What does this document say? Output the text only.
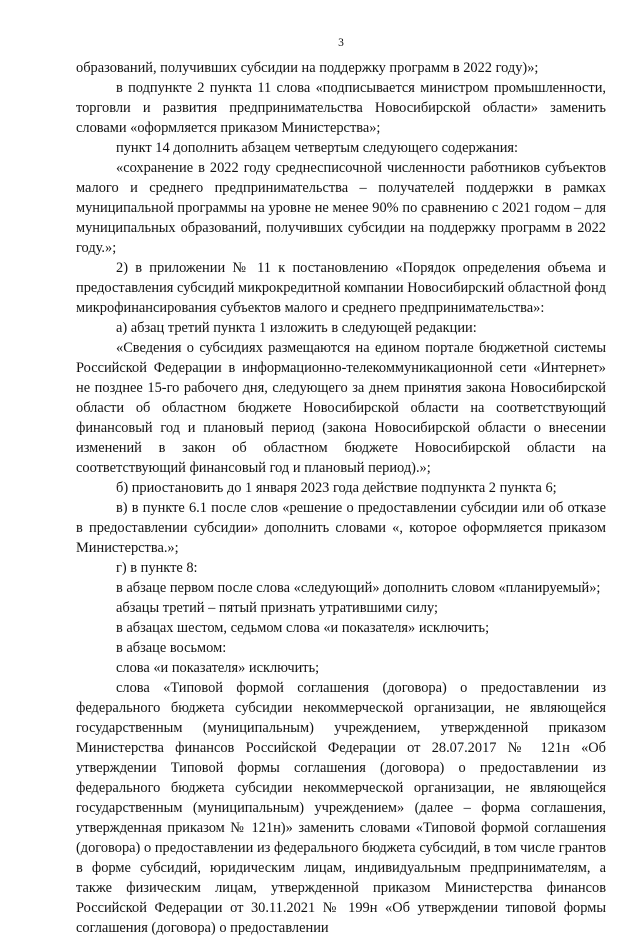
3

образований, получивших субсидии на поддержку программ в 2022 году)»;

в подпункте 2 пункта 11 слова «подписывается министром промышленности, торговли и развития предпринимательства Новосибирской области» заменить словами «оформляется приказом Министерства»;

пункт 14 дополнить абзацем четвертым следующего содержания:

«сохранение в 2022 году среднесписочной численности работников субъектов малого и среднего предпринимательства – получателей поддержки в рамках муниципальной программы на уровне не менее 90% по сравнению с 2021 годом – для муниципальных образований, получивших субсидии на поддержку программ в 2022 году.»;

2) в приложении № 11 к постановлению «Порядок определения объема и предоставления субсидий микрокредитной компании Новосибирский областной фонд микрофинансирования субъектов малого и среднего предпринимательства»:

а) абзац третий пункта 1 изложить в следующей редакции:

«Сведения о субсидиях размещаются на едином портале бюджетной системы Российской Федерации в информационно-телекоммуникационной сети «Интернет» не позднее 15-го рабочего дня, следующего за днем принятия закона Новосибирской области об областном бюджете Новосибирской области на соответствующий финансовый год и плановый период (закона Новосибирской области о внесении изменений в закон об областном бюджете Новосибирской области на соответствующий финансовый год и плановый период).»;

б) приостановить до 1 января 2023 года действие подпункта 2 пункта 6;

в) в пункте 6.1 после слов «решение о предоставлении субсидии или об отказе в предоставлении субсидии» дополнить словами «, которое оформляется приказом Министерства.»;

г) в пункте 8:

в абзаце первом после слова «следующий» дополнить словом «планируемый»;

абзацы третий – пятый признать утратившими силу;

в абзацах шестом, седьмом слова «и показателя» исключить;

в абзаце восьмом:

слова «и показателя» исключить;

слова «Типовой формой соглашения (договора) о предоставлении из федерального бюджета субсидии некоммерческой организации, не являющейся государственным (муниципальным) учреждением, утвержденной приказом Министерства финансов Российской Федерации от 28.07.2017 № 121н «Об утверждении Типовой формы соглашения (договора) о предоставлении из федерального бюджета субсидии некоммерческой организации, не являющейся государственным (муниципальным) учреждением» (далее – форма соглашения, утвержденная приказом № 121н)» заменить словами «Типовой формой соглашения (договора) о предоставлении из федерального бюджета субсидий, в том числе грантов в форме субсидий, юридическим лицам, индивидуальным предпринимателям, а также физическим лицам, утвержденной приказом Министерства финансов Российской Федерации от 30.11.2021 № 199н «Об утверждении типовой формы соглашения (договора) о предоставлении
